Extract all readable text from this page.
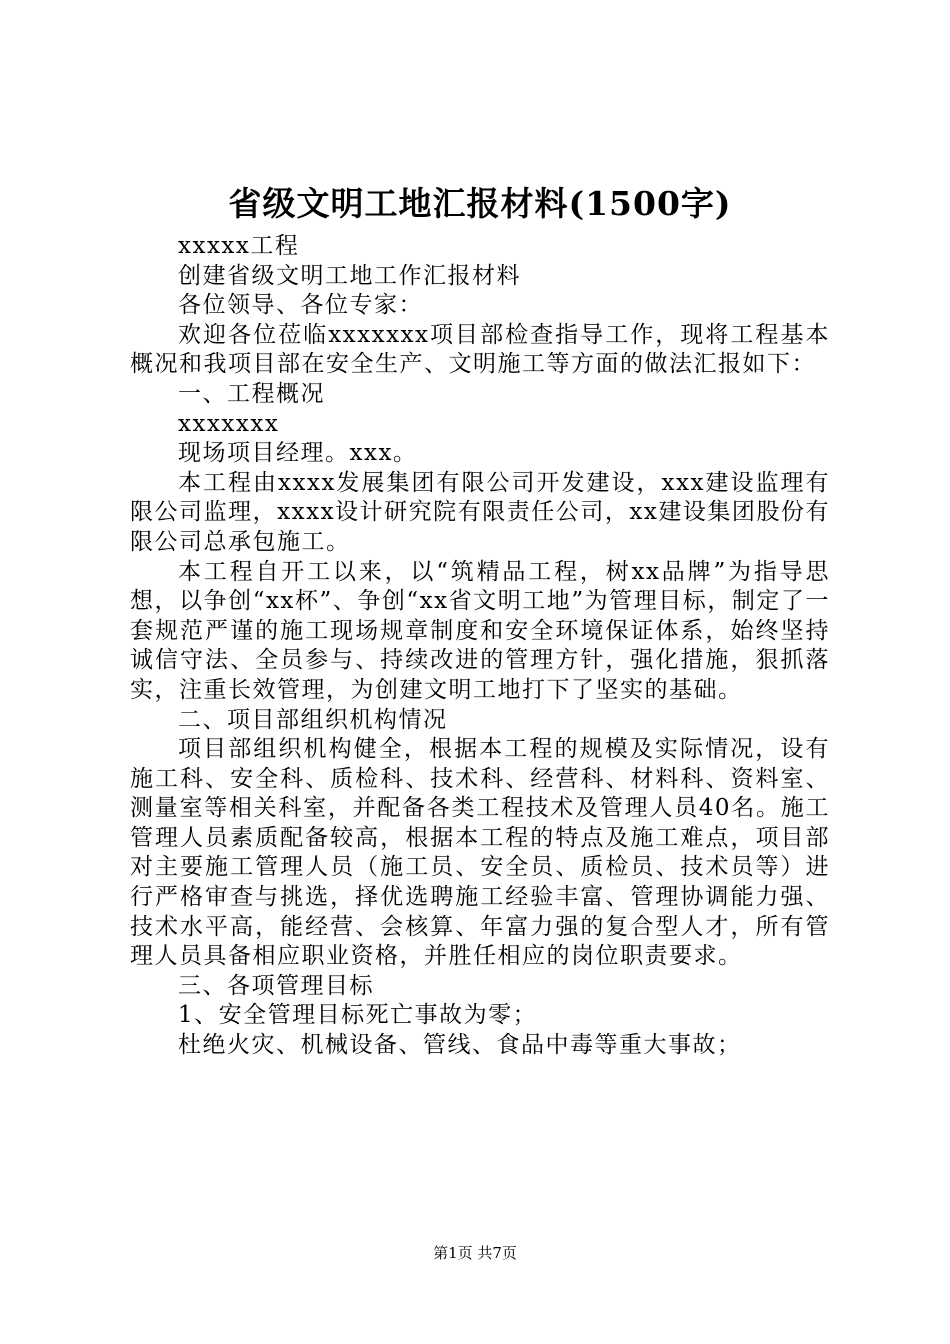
省级文明工地汇报材料(1500字)

xxxxx工程

创建省级文明工地工作汇报材料

各位领导、各位专家：

欢迎各位莅临xxxxxxx项目部检查指导工作，现将工程基本概况和我项目部在安全生产、文明施工等方面的做法汇报如下：

一、工程概况

xxxxxxx

现场项目经理。xxx。

本工程由xxxx发展集团有限公司开发建设，xxx建设监理有限公司监理，xxxx设计研究院有限责任公司，xx建设集团股份有限公司总承包施工。

本工程自开工以来，以“筑精品工程，树xx品牌”为指导思想，以争创“xx杯”、争创“xx省文明工地”为管理目标，制定了一套规范严谨的施工现场规章制度和安全环境保证体系，始终坚持诚信守法、全员参与、持续改进的管理方针，强化措施，狠抓落实，注重长效管理，为创建文明工地打下了坚实的基础。

二、项目部组织机构情况

项目部组织机构健全，根据本工程的规模及实际情况，设有施工科、安全科、质检科、技术科、经营科、材料科、资料室、测量室等相关科室，并配备各类工程技术及管理人员40名。施工管理人员素质配备较高，根据本工程的特点及施工难点，项目部对主要施工管理人员（施工员、安全员、质检员、技术员等）进行严格审查与挑选，择优选聘施工经验丰富、管理协调能力强、技术水平高，能经营、会核算、年富力强的复合型人才，所有管理人员具备相应职业资格，并胜任相应的岗位职责要求。

三、各项管理目标

1、安全管理目标死亡事故为零；

杜绝火灾、机械设备、管线、食品中毒等重大事故；

第1页 共7页
